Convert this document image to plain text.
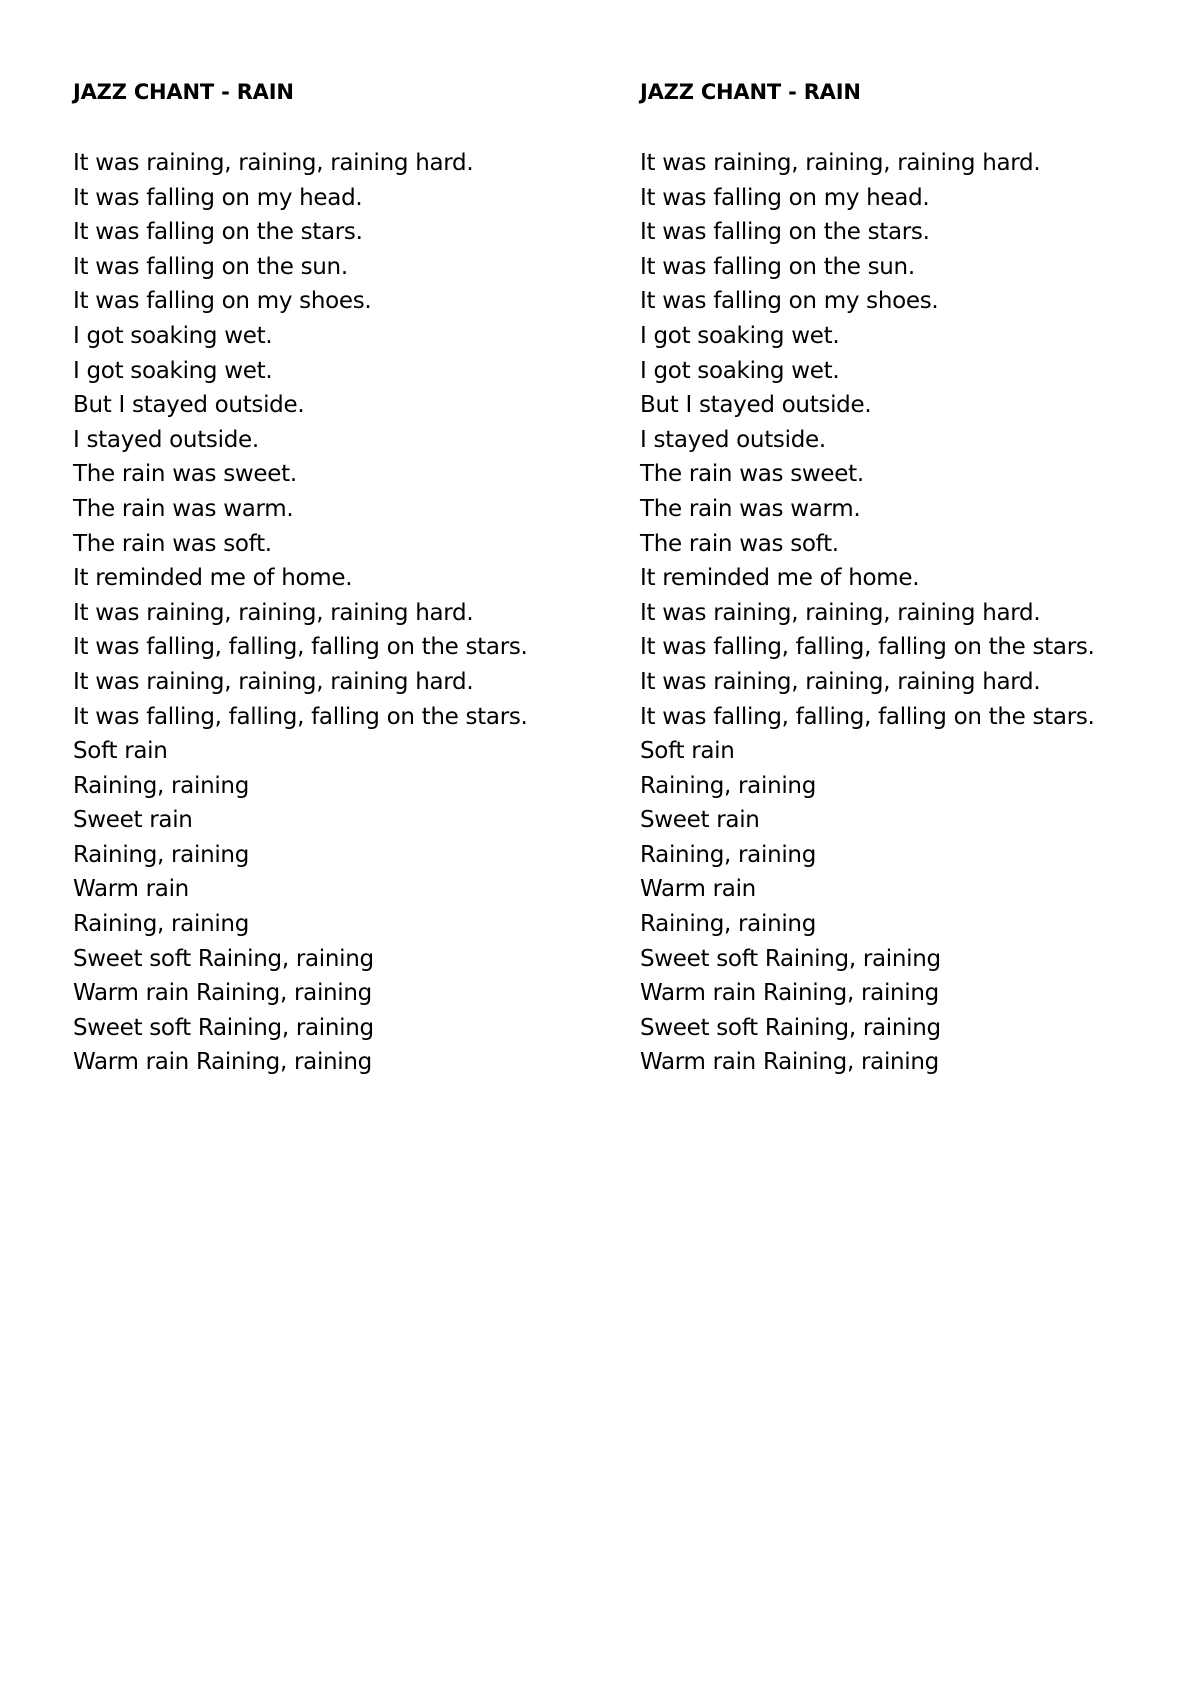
JAZZ CHANT - RAIN
It was raining, raining, raining hard.
It was falling on my head.
It was falling on the stars.
It was falling on the sun.
It was falling on my shoes.
I got soaking wet.
I got soaking wet.
But I stayed outside.
I stayed outside.
The rain was sweet.
The rain was warm.
The rain was soft.
It reminded me of home.
It was raining, raining, raining hard.
It was falling, falling, falling on the stars.
It was raining, raining, raining hard.
It was falling, falling, falling on the stars.
Soft rain
Raining, raining
Sweet rain
Raining, raining
Warm rain
Raining, raining
Sweet soft Raining, raining
Warm rain Raining, raining
Sweet soft Raining, raining
Warm rain Raining, raining
JAZZ CHANT - RAIN
It was raining, raining, raining hard.
It was falling on my head.
It was falling on the stars.
It was falling on the sun.
It was falling on my shoes.
I got soaking wet.
I got soaking wet.
But I stayed outside.
I stayed outside.
The rain was sweet.
The rain was warm.
The rain was soft.
It reminded me of home.
It was raining, raining, raining hard.
It was falling, falling, falling on the stars.
It was raining, raining, raining hard.
It was falling, falling, falling on the stars.
Soft rain
Raining, raining
Sweet rain
Raining, raining
Warm rain
Raining, raining
Sweet soft Raining, raining
Warm rain Raining, raining
Sweet soft Raining, raining
Warm rain Raining, raining
